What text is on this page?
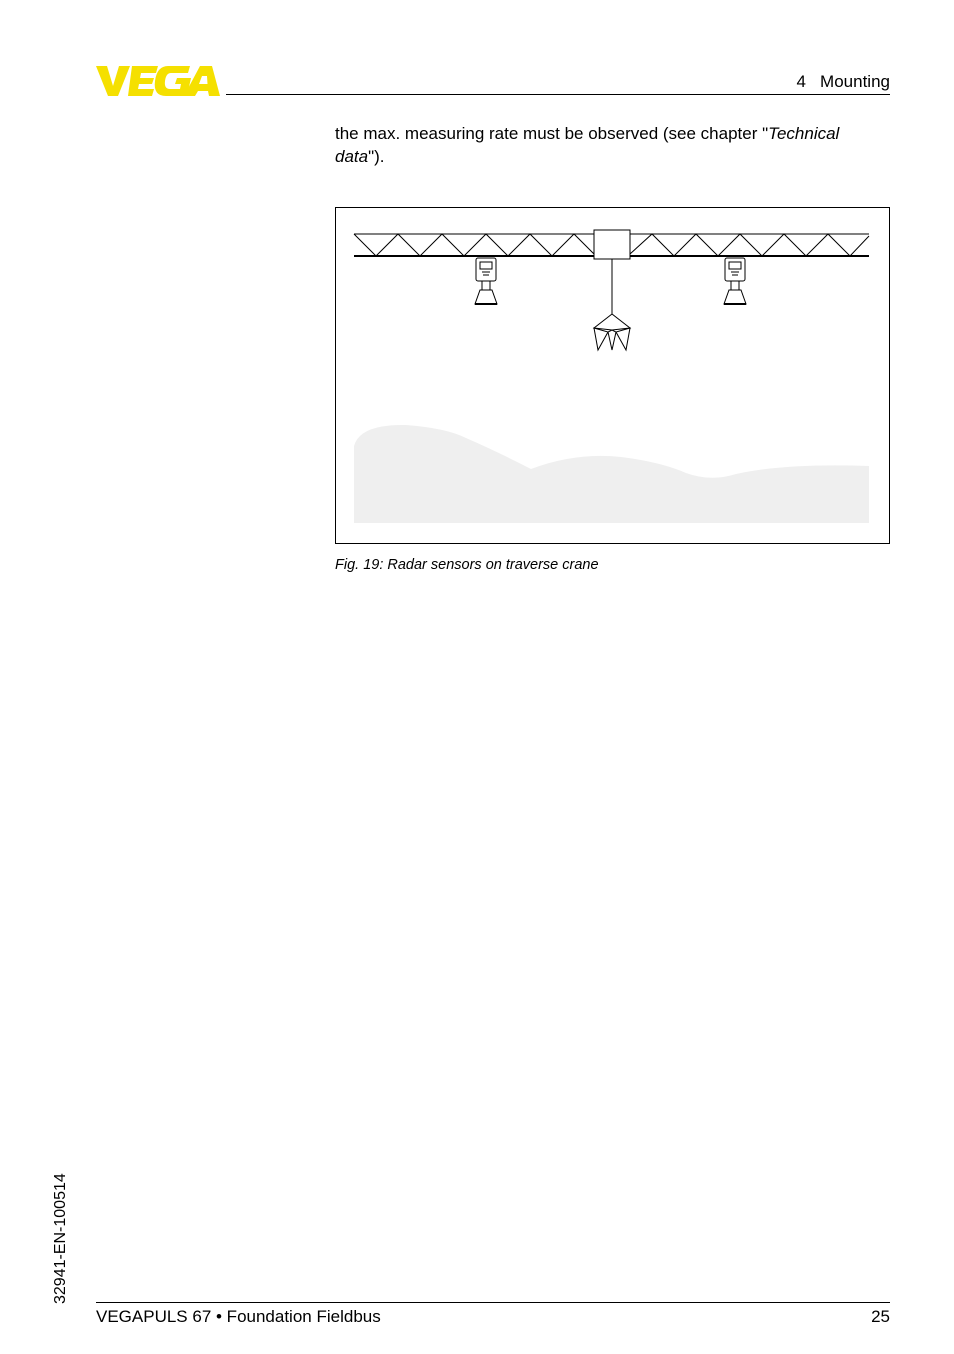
4   Mounting
the max. measuring rate must be observed (see chapter "Technical data").
Fig. 19: Radar sensors on traverse crane
32941-EN-100514
VEGAPULS 67 • Foundation Fieldbus	25
